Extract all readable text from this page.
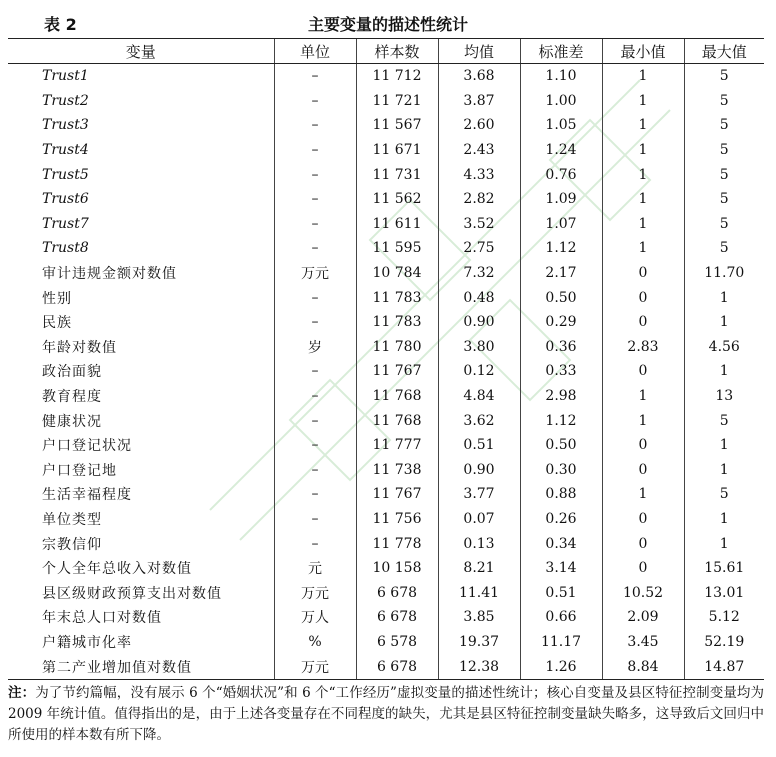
表 2	主要变量的描述性统计
变量	单位	样本数	均值	标准差	最小值	最大值
Trust1	–	11 712	3.68	1.10	1	5
Trust2	–	11 721	3.87	1.00	1	5
Trust3	–	11 567	2.60	1.05	1	5
Trust4	–	11 671	2.43	1.24	1	5
Trust5	–	11 731	4.33	0.76	1	5
Trust6	–	11 562	2.82	1.09	1	5
Trust7	–	11 611	3.52	1.07	1	5
Trust8	–	11 595	2.75	1.12	1	5
审计违规金额对数值	万元	10 784	7.32	2.17	0	11.70
性别	–	11 783	0.48	0.50	0	1
民族	–	11 783	0.90	0.29	0	1
年龄对数值	岁	11 780	3.80	0.36	2.83	4.56
政治面貌	–	11 767	0.12	0.33	0	1
教育程度	–	11 768	4.84	2.98	1	13
健康状况	–	11 768	3.62	1.12	1	5
户口登记状况	–	11 777	0.51	0.50	0	1
户口登记地	–	11 738	0.90	0.30	0	1
生活幸福程度	–	11 767	3.77	0.88	1	5
单位类型	–	11 756	0.07	0.26	0	1
宗教信仰	–	11 778	0.13	0.34	0	1
个人全年总收入对数值	元	10 158	8.21	3.14	0	15.61
县区级财政预算支出对数值	万元	6 678	11.41	0.51	10.52	13.01
年末总人口对数值	万人	6 678	3.85	0.66	2.09	5.12
户籍城市化率	%	6 578	19.37	11.17	3.45	52.19
第二产业增加值对数值	万元	6 678	12.38	1.26	8.84	14.87
注：为了节约篇幅，没有展示 6 个“婚姻状况”和 6 个“工作经历”虚拟变量的描述性统计；核心自变量及县区特征控制变量均为 2009 年统计值。值得指出的是，由于上述各变量存在不同程度的缺失，尤其是县区特征控制变量缺失略多，这导致后文回归中所使用的样本数有所下降。
